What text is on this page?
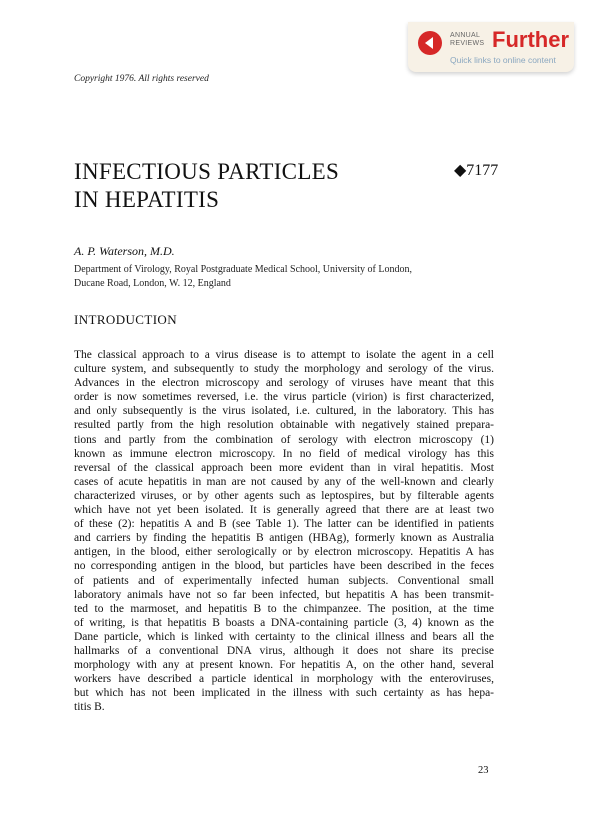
Copyright 1976. All rights reserved
ANNUAL
REVIEWS Further
Quick links to online content
INFECTIOUS PARTICLES
IN HEPATITIS
◆7177
A. P. Waterson, M.D.
Department of Virology, Royal Postgraduate Medical School, University of London,
Ducane Road, London, W. 12, England
INTRODUCTION
The classical approach to a virus disease is to attempt to isolate the agent in a cell
culture system, and subsequently to study the morphology and serology of the virus.
Advances in the electron microscopy and serology of viruses have meant that this
order is now sometimes reversed, i.e. the virus particle (virion) is first characterized,
and only subsequently is the virus isolated, i.e. cultured, in the laboratory. This has
resulted partly from the high resolution obtainable with negatively stained prepara-
tions and partly from the combination of serology with electron microscopy (1)
known as immune electron microscopy. In no field of medical virology has this
reversal of the classical approach been more evident than in viral hepatitis. Most
cases of acute hepatitis in man are not caused by any of the well-known and clearly
characterized viruses, or by other agents such as leptospires, but by filterable agents
which have not yet been isolated. It is generally agreed that there are at least two
of these (2): hepatitis A and B (see Table 1). The latter can be identified in patients
and carriers by finding the hepatitis B antigen (HBAg), formerly known as Australia
antigen, in the blood, either serologically or by electron microscopy. Hepatitis A has
no corresponding antigen in the blood, but particles have been described in the feces
of patients and of experimentally infected human subjects. Conventional small
laboratory animals have not so far been infected, but hepatitis A has been transmit-
ted to the marmoset, and hepatitis B to the chimpanzee. The position, at the time
of writing, is that hepatitis B boasts a DNA-containing particle (3, 4) known as the
Dane particle, which is linked with certainty to the clinical illness and bears all the
hallmarks of a conventional DNA virus, although it does not share its precise
morphology with any at present known. For hepatitis A, on the other hand, several
workers have described a particle identical in morphology with the enteroviruses,
but which has not been implicated in the illness with such certainty as has hepa-
titis B.
23
